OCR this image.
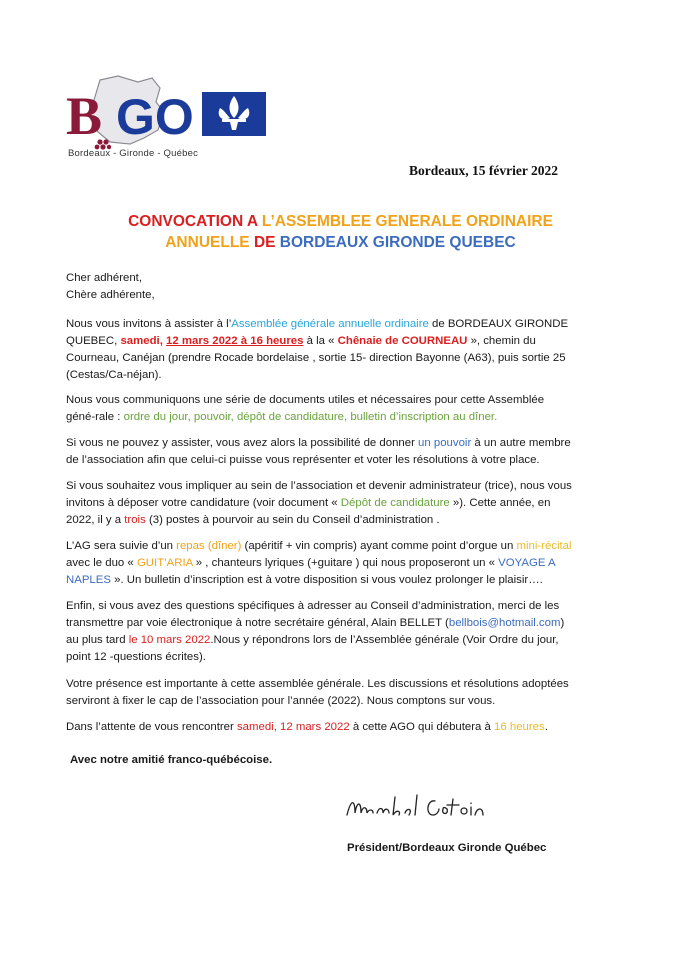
B GO
Bordeaux - Gironde - Québec
Bordeaux, 15 février 2022
CONVOCATION A L’ASSEMBLEE GENERALE ORDINAIRE
ANNUELLE DE BORDEAUX GIRONDE QUEBEC

Cher adhérent,

Chère adhérente,

Nous vous invitons à assister à l’Assemblée générale annuelle ordinaire de BORDEAUX GIRONDE QUEBEC, samedi, 12 mars 2022 à 16 heures à la « Chênaie de COURNEAU », chemin du Courneau, Canéjan (prendre Rocade bordelaise , sortie 15- direction Bayonne (A63), puis sortie 25 (Cestas/Ca-néjan).

Nous vous communiquons une série de documents utiles et nécessaires pour cette Assemblée géné-rale : ordre du jour, pouvoir, dépôt de candidature, bulletin d’inscription au dîner.

Si vous ne pouvez y assister, vous avez alors la possibilité de donner un pouvoir à un autre membre de l’association afin que celui-ci puisse vous représenter et voter les résolutions à votre place.

Si vous souhaitez vous impliquer au sein de l’association et devenir administrateur (trice), nous vous invitons à déposer votre candidature (voir document « Dépôt de candidature »). Cette année, en 2022, il y a trois (3) postes à pourvoir au sein du Conseil d’administration .

L’AG sera suivie d’un repas (dîner) (apéritif + vin compris) ayant comme point d’orgue un mini-récital avec le duo « GUIT’ARIA » , chanteurs lyriques (+guitare ) qui nous proposeront un « VOYAGE A NAPLES ». Un bulletin d’inscription est à votre disposition si vous voulez prolonger le plaisir….

Enfin, si vous avez des questions spécifiques à adresser au Conseil d’administration, merci de les transmettre par voie électronique à notre secrétaire général, Alain BELLET (bellbois@hotmail.com) au plus tard le 10 mars 2022.Nous y répondrons lors de l’Assemblée générale (Voir Ordre du jour, point 12 -questions écrites).

Votre présence est importante à cette assemblée générale. Les discussions et résolutions adoptées serviront à fixer le cap de l’association pour l’année (2022). Nous comptons sur vous.

Dans l’attente de vous rencontrer samedi, 12 mars 2022 à cette AGO qui débutera à 16 heures.

Avec notre amitié franco-québécoise.
Président/Bordeaux Gironde Québec
